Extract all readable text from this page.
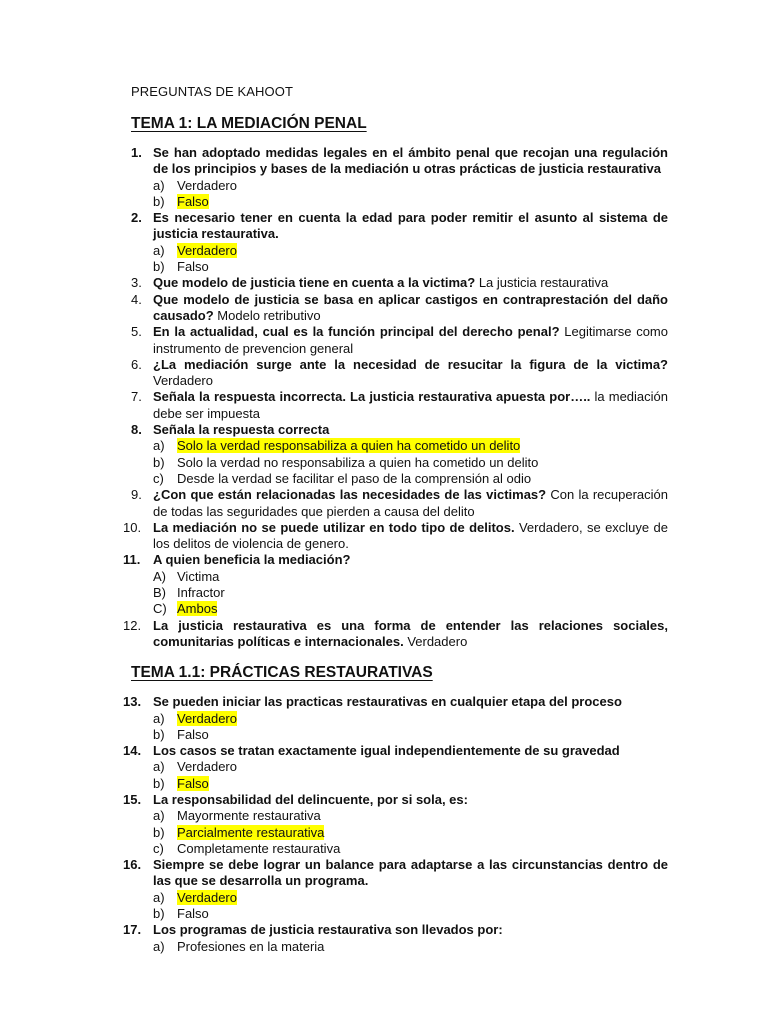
PREGUNTAS DE KAHOOT
TEMA 1: LA MEDIACIÓN PENAL
1. Se han adoptado medidas legales en el ámbito penal que recojan una regulación de los principios y bases de la mediación u otras prácticas de justicia restaurativa
a) Verdadero
b) Falso
2. Es necesario tener en cuenta la edad para poder remitir el asunto al sistema de justicia restaurativa.
a) Verdadero
b) Falso
3. Que modelo de justicia tiene en cuenta a la victima? La justicia restaurativa
4. Que modelo de justicia se basa en aplicar castigos en contraprestación del daño causado? Modelo retributivo
5. En la actualidad, cual es la función principal del derecho penal? Legitimarse como instrumento de prevencion general
6. ¿La mediación surge ante la necesidad de resucitar la figura de la victima? Verdadero
7. Señala la respuesta incorrecta. La justicia restaurativa apuesta por….. la mediación debe ser impuesta
8. Señala la respuesta correcta
a) Solo la verdad responsabiliza a quien ha cometido un delito
b) Solo la verdad no responsabiliza a quien ha cometido un delito
c) Desde la verdad se facilitar el paso de la comprensión al odio
9. ¿Con que están relacionadas las necesidades de las victimas? Con la recuperación de todas las seguridades que pierden a causa del delito
10. La mediación no se puede utilizar en todo tipo de delitos. Verdadero, se excluye de los delitos de violencia de genero.
11. A quien beneficia la mediación?
A) Victima
B) Infractor
C) Ambos
12. La justicia restaurativa es una forma de entender las relaciones sociales, comunitarias políticas e internacionales. Verdadero
TEMA 1.1: PRÁCTICAS RESTAURATIVAS
13. Se pueden iniciar las practicas restaurativas en cualquier etapa del proceso
a) Verdadero
b) Falso
14. Los casos se tratan exactamente igual independientemente de su gravedad
a) Verdadero
b) Falso
15. La responsabilidad del delincuente, por si sola, es:
a) Mayormente restaurativa
b) Parcialmente restaurativa
c) Completamente restaurativa
16. Siempre se debe lograr un balance para adaptarse a las circunstancias dentro de las que se desarrolla un programa.
a) Verdadero
b) Falso
17. Los programas de justicia restaurativa son llevados por:
a) Profesiones en la materia
